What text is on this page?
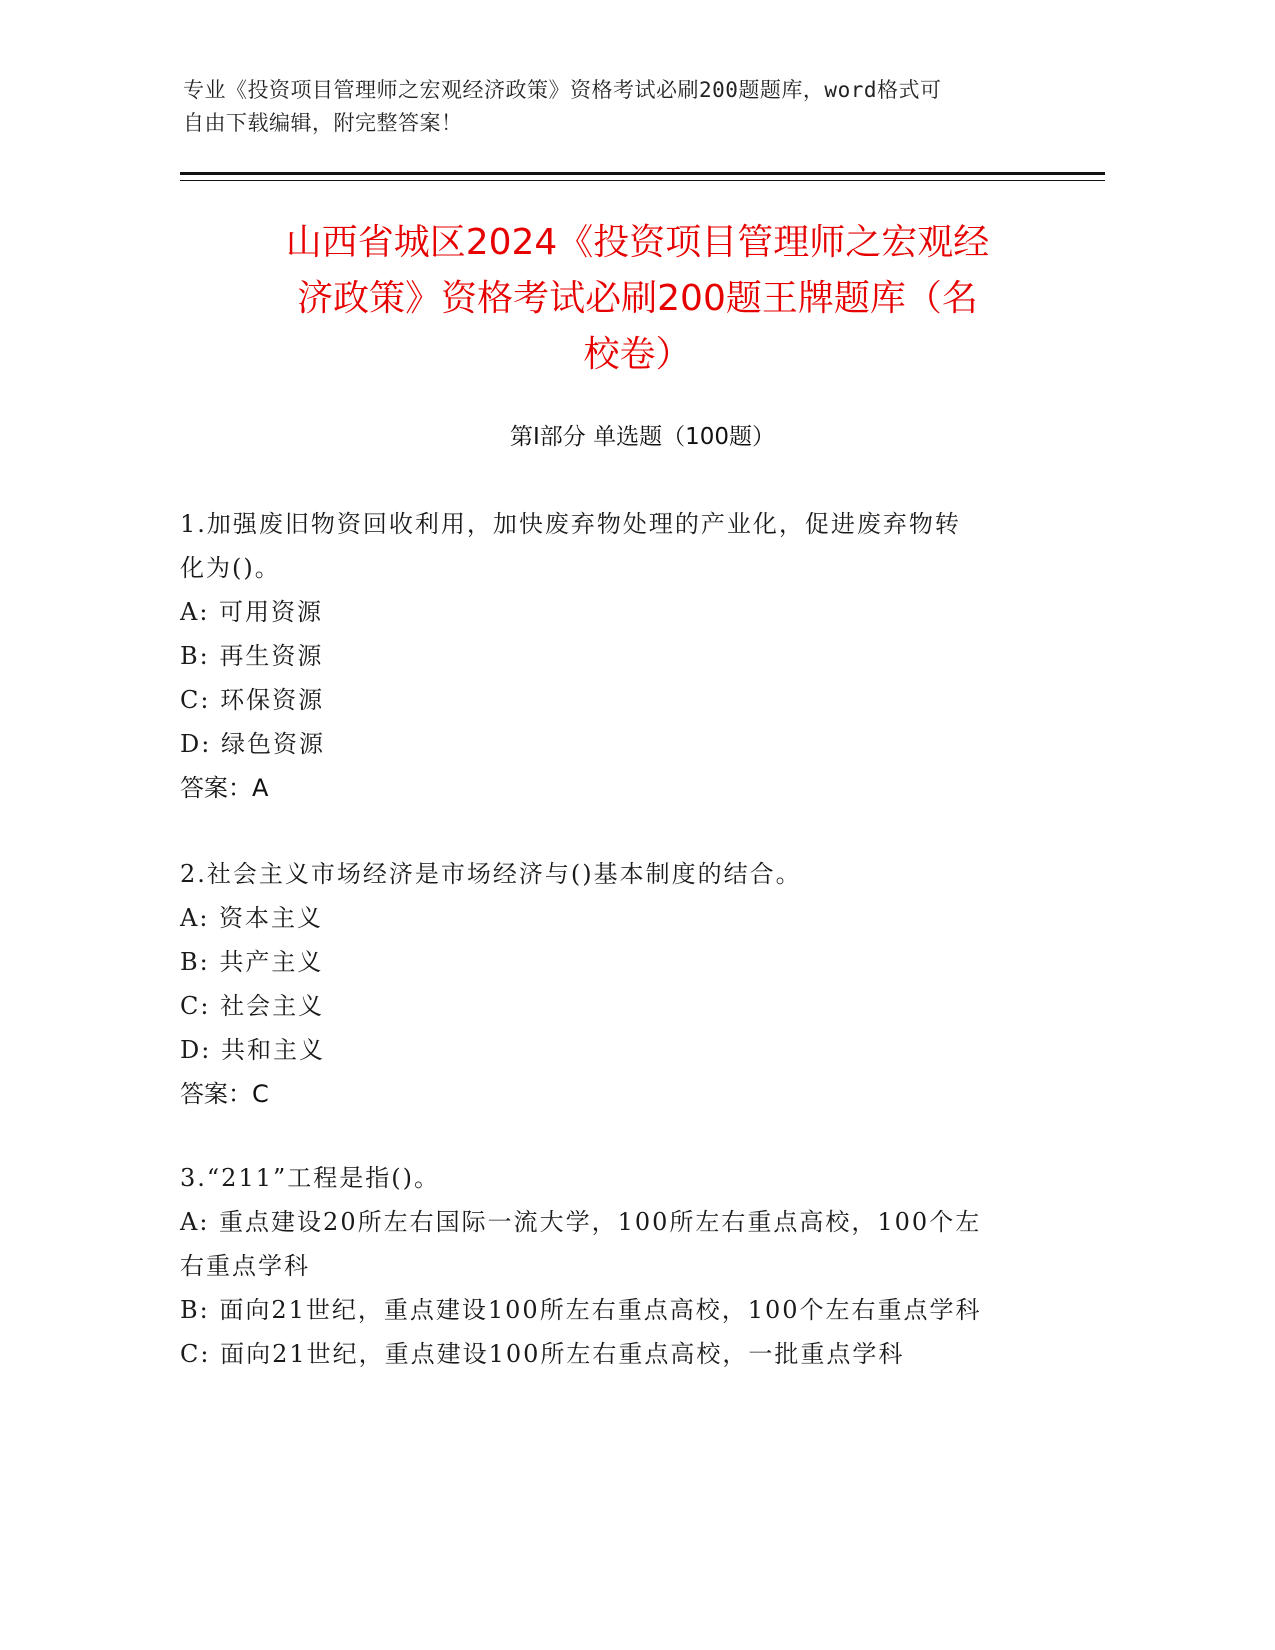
专业《投资项目管理师之宏观经济政策》资格考试必刷200题题库，word格式可
自由下载编辑，附完整答案！
山西省城区2024《投资项目管理师之宏观经
济政策》资格考试必刷200题王牌题库（名
校卷）
第Ⅰ部分 单选题（100题）
1.加强废旧物资回收利用，加快废弃物处理的产业化，促进废弃物转
化为()。
A: 可用资源
B: 再生资源
C: 环保资源
D: 绿色资源
答案：A
2.社会主义市场经济是市场经济与()基本制度的结合。
A: 资本主义
B: 共产主义
C: 社会主义
D: 共和主义
答案：C
3.“211”工程是指()。
A: 重点建设20所左右国际一流大学，100所左右重点高校，100个左
右重点学科
B: 面向21世纪，重点建设100所左右重点高校，100个左右重点学科
C: 面向21世纪，重点建设100所左右重点高校，一批重点学科
